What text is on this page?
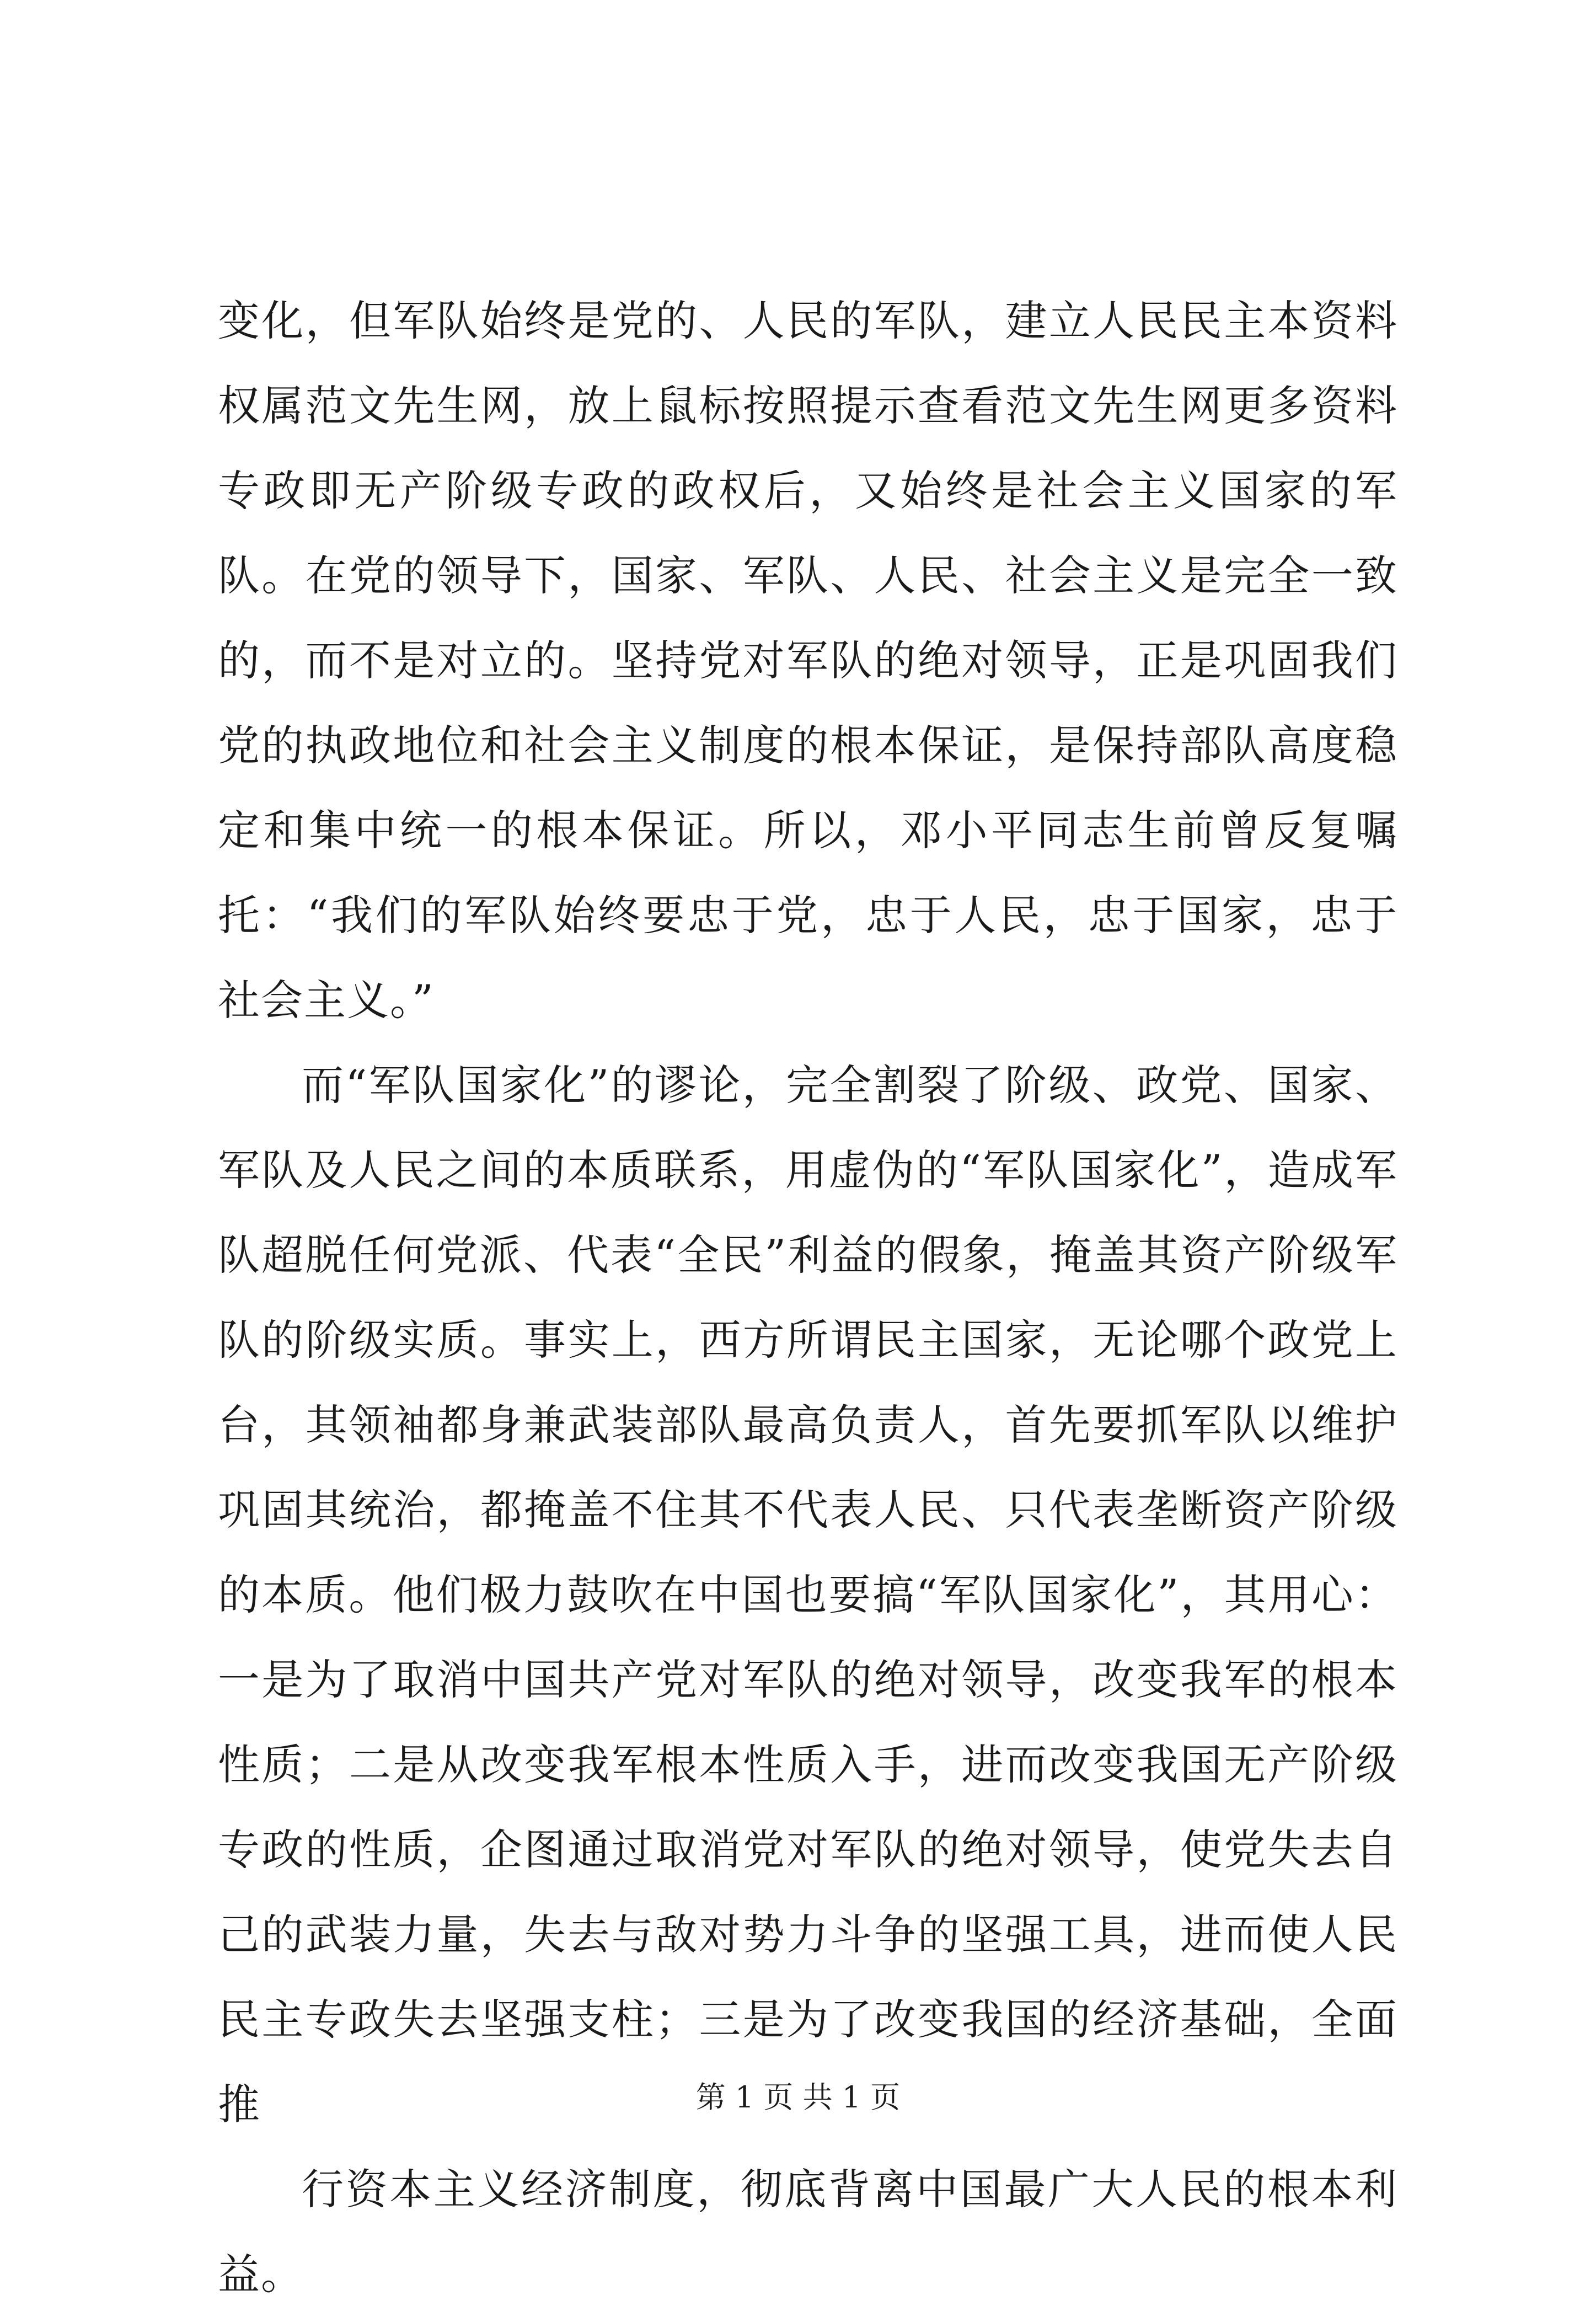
变化，但军队始终是党的、人民的军队，建立人民民主本资料权属范文先生网，放上鼠标按照提示查看范文先生网更多资料专政即无产阶级专政的政权后，又始终是社会主义国家的军队。在党的领导下，国家、军队、人民、社会主义是完全一致的，而不是对立的。坚持党对军队的绝对领导，正是巩固我们党的执政地位和社会主义制度的根本保证，是保持部队高度稳定和集中统一的根本保证。所以，邓小平同志生前曾反复嘱托：“我们的军队始终要忠于党，忠于人民，忠于国家，忠于社会主义。”

而“军队国家化”的谬论，完全割裂了阶级、政党、国家、军队及人民之间的本质联系，用虚伪的“军队国家化”，造成军队超脱任何党派、代表“全民”利益的假象，掩盖其资产阶级军队的阶级实质。事实上，西方所谓民主国家，无论哪个政党上台，其领袖都身兼武装部队最高负责人，首先要抓军队以维护巩固其统治，都掩盖不住其不代表人民、只代表垄断资产阶级的本质。他们极力鼓吹在中国也要搞“军队国家化”，其用心：一是为了取消中国共产党对军队的绝对领导，改变我军的根本性质；二是从改变我军根本性质入手，进而改变我国无产阶级专政的性质，企图通过取消党对军队的绝对领导，使党失去自己的武装力量，失去与敌对势力斗争的坚强工具，进而使人民民主专政失去坚强支柱；三是为了改变我国的经济基础，全面推

行资本主义经济制度，彻底背离中国最广大人民的根本利益。

第 1 页 共 1 页
